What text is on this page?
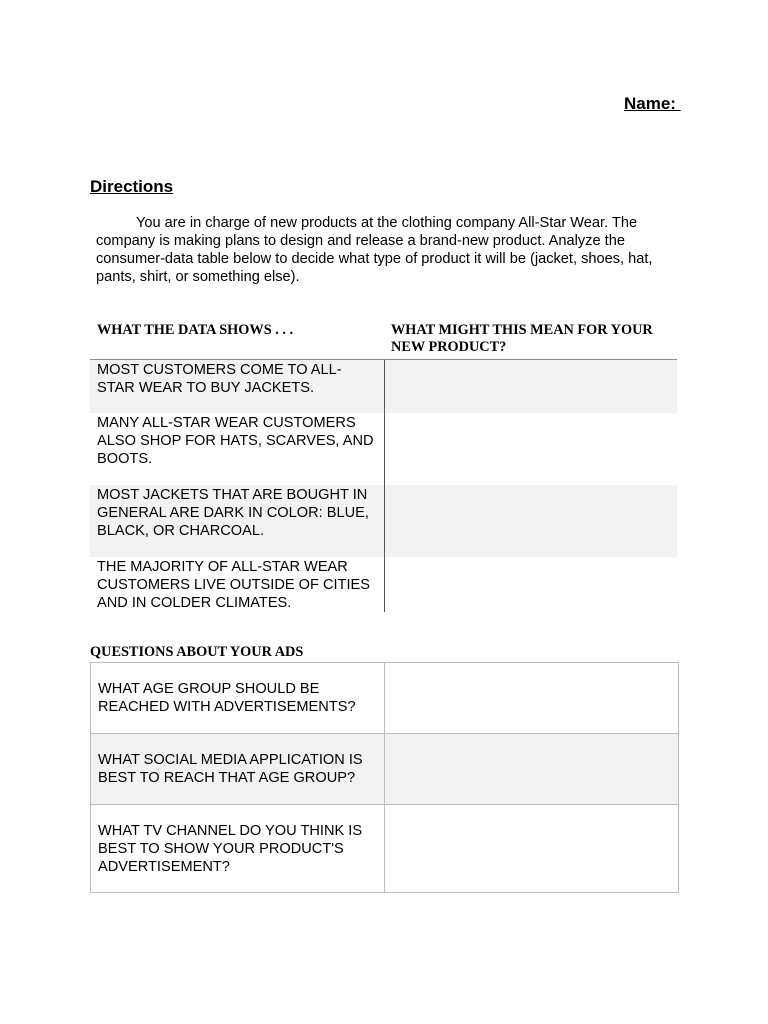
Name:
Directions

You are in charge of new products at the clothing company All-Star Wear. The company is making plans to design and release a brand-new product. Analyze the consumer-data table below to decide what type of product it will be (jacket, shoes, hat, pants, shirt, or something else).

WHAT THE DATA SHOWS . . .	WHAT MIGHT THIS MEAN FOR YOUR NEW PRODUCT?
MOST CUSTOMERS COME TO ALL-STAR WEAR TO BUY JACKETS.	
MANY ALL-STAR WEAR CUSTOMERS ALSO SHOP FOR HATS, SCARVES, AND BOOTS.	
MOST JACKETS THAT ARE BOUGHT IN GENERAL ARE DARK IN COLOR: BLUE, BLACK, OR CHARCOAL.	
THE MAJORITY OF ALL-STAR WEAR CUSTOMERS LIVE OUTSIDE OF CITIES AND IN COLDER CLIMATES.	
QUESTIONS ABOUT YOUR ADS
WHAT AGE GROUP SHOULD BE REACHED WITH ADVERTISEMENTS?	
WHAT SOCIAL MEDIA APPLICATION IS BEST TO REACH THAT AGE GROUP?	
WHAT TV CHANNEL DO YOU THINK IS BEST TO SHOW YOUR PRODUCT'S ADVERTISEMENT?	
